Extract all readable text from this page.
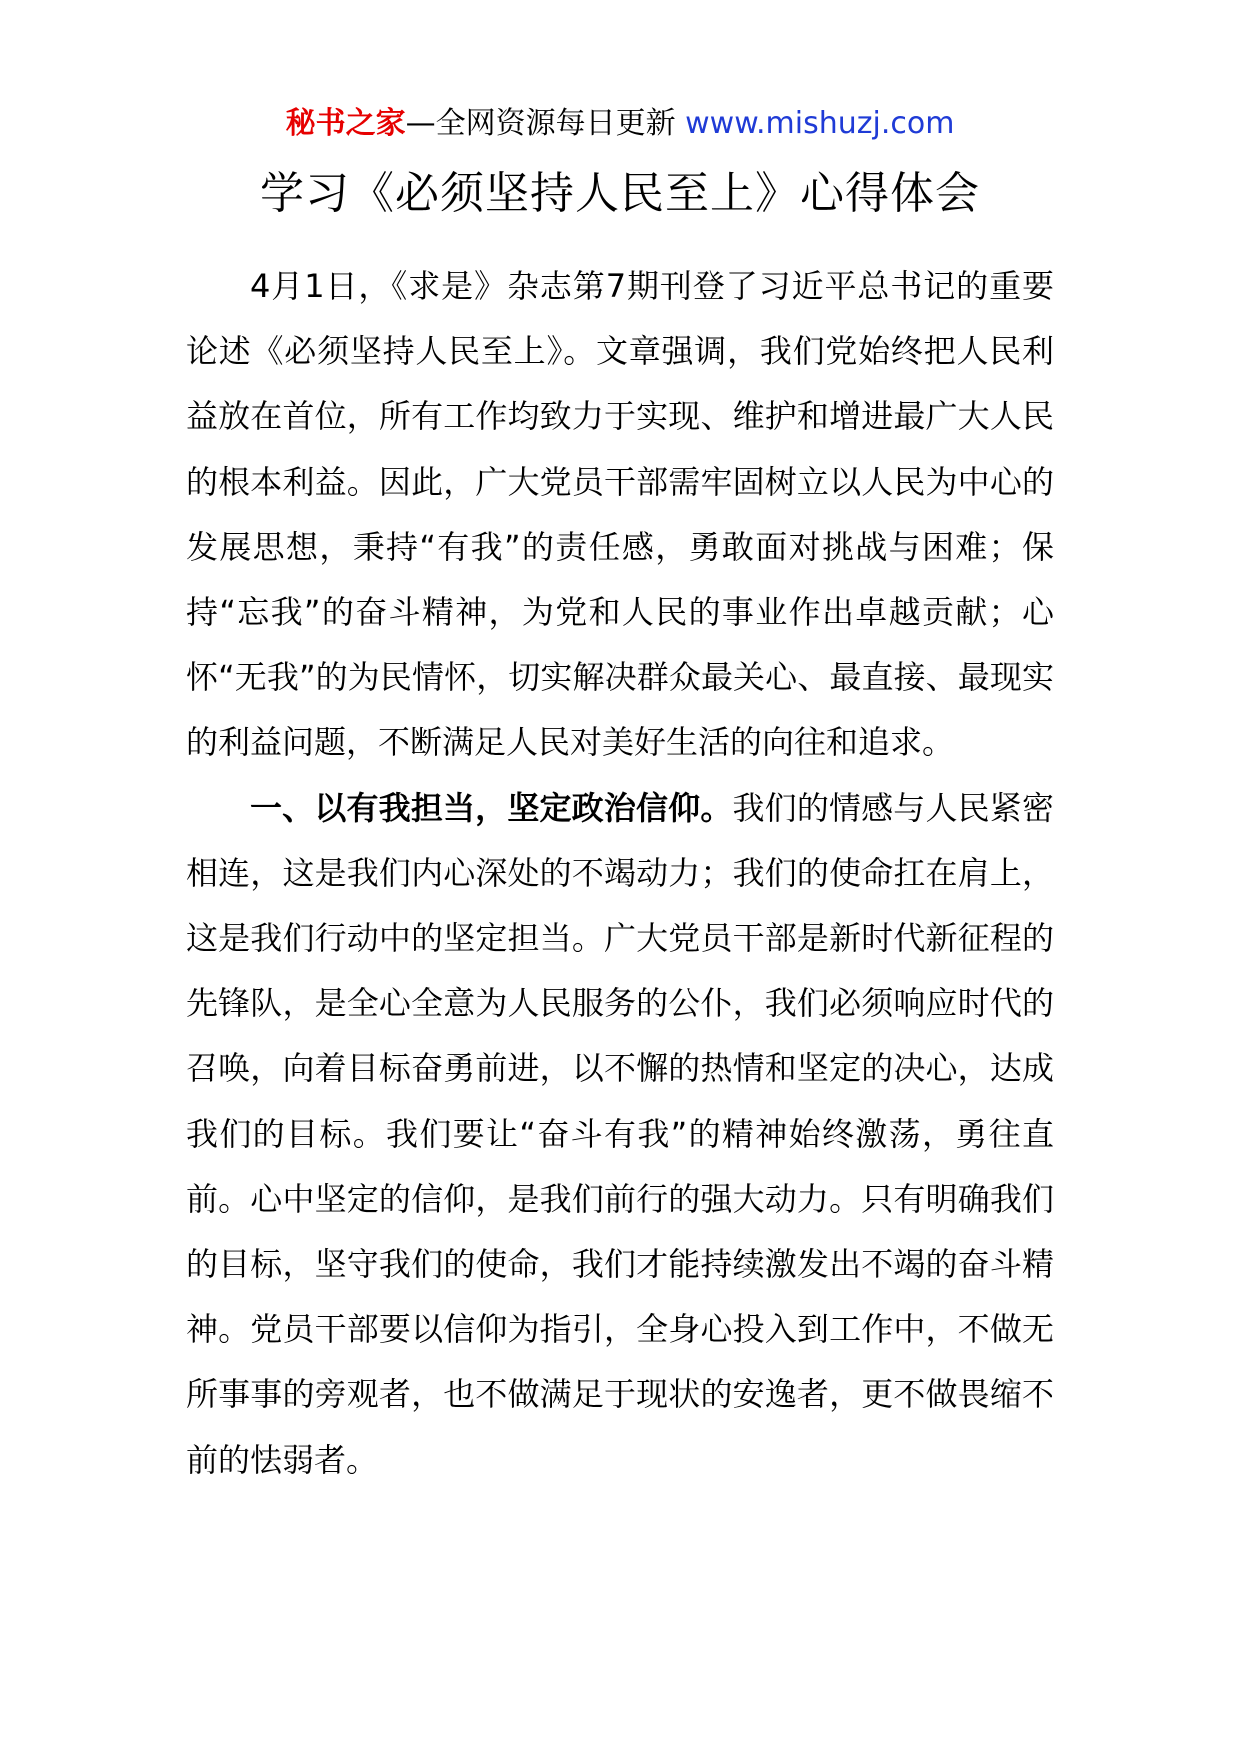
秘书之家—全网资源每日更新 www.mishuzj.com
学习《必须坚持人民至上》心得体会

4月1日，《求是》杂志第7期刊登了习近平总书记的重要论述《必须坚持人民至上》。文章强调，我们党始终把人民利益放在首位，所有工作均致力于实现、维护和增进最广大人民的根本利益。因此，广大党员干部需牢固树立以人民为中心的发展思想，秉持“有我”的责任感，勇敢面对挑战与困难；保持“忘我”的奋斗精神，为党和人民的事业作出卓越贡献；心怀“无我”的为民情怀，切实解决群众最关心、最直接、最现实的利益问题，不断满足人民对美好生活的向往和追求。

一、以有我担当，坚定政治信仰。我们的情感与人民紧密相连，这是我们内心深处的不竭动力；我们的使命扛在肩上，这是我们行动中的坚定担当。广大党员干部是新时代新征程的先锋队，是全心全意为人民服务的公仆，我们必须响应时代的召唤，向着目标奋勇前进，以不懈的热情和坚定的决心，达成我们的目标。我们要让“奋斗有我”的精神始终激荡，勇往直前。心中坚定的信仰，是我们前行的强大动力。只有明确我们的目标，坚守我们的使命，我们才能持续激发出不竭的奋斗精神。党员干部要以信仰为指引，全身心投入到工作中，不做无所事事的旁观者，也不做满足于现状的安逸者，更不做畏缩不前的怯弱者。
